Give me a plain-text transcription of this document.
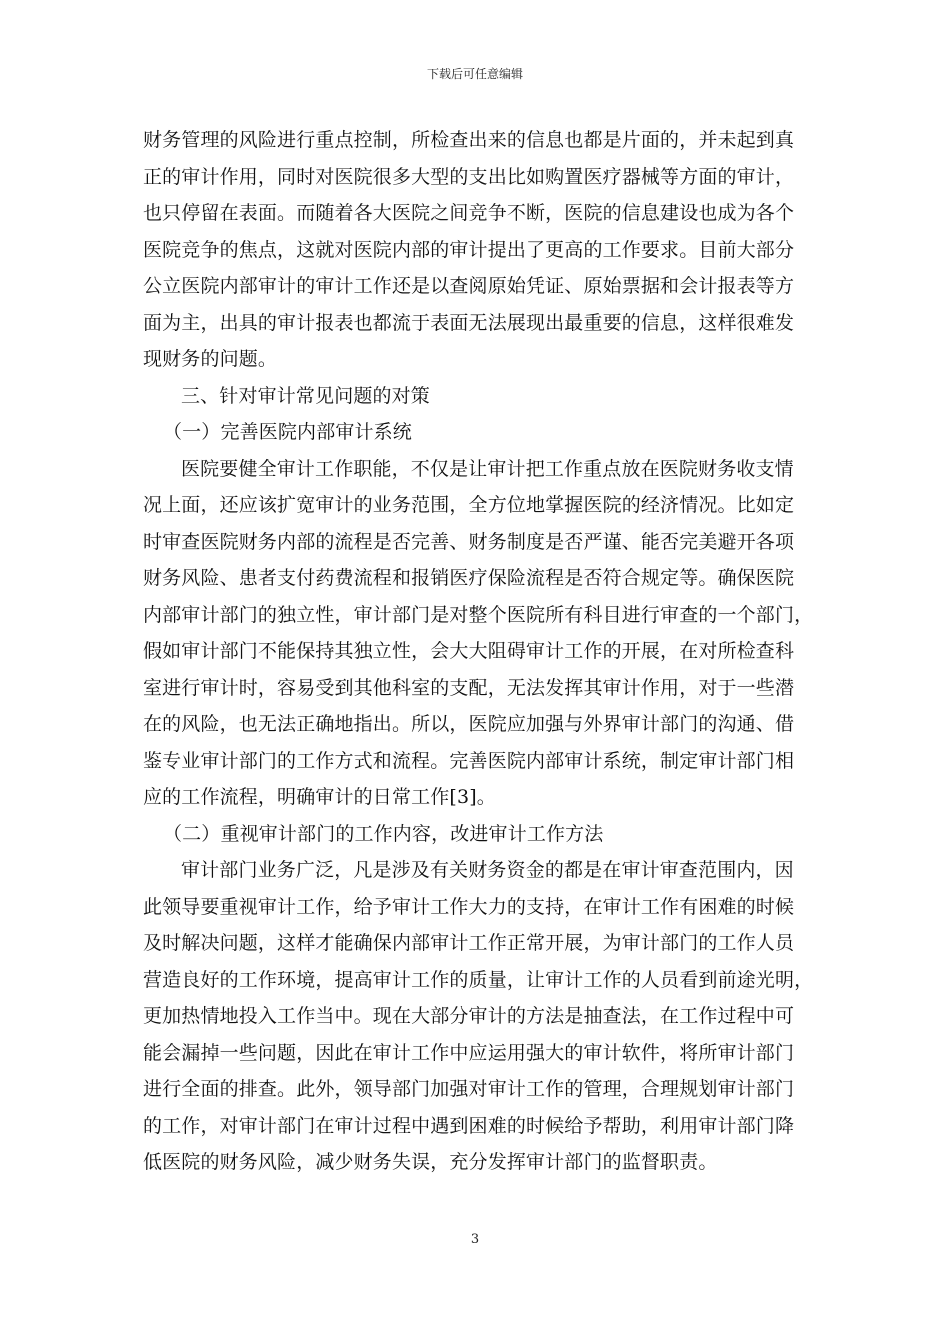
下载后可任意编辑
财务管理的风险进行重点控制，所检查出来的信息也都是片面的，并未起到真
正的审计作用，同时对医院很多大型的支出比如购置医疗器械等方面的审计，
也只停留在表面。而随着各大医院之间竞争不断，医院的信息建设也成为各个
医院竞争的焦点，这就对医院内部的审计提出了更高的工作要求。目前大部分
公立医院内部审计的审计工作还是以查阅原始凭证、原始票据和会计报表等方
面为主，出具的审计报表也都流于表面无法展现出最重要的信息，这样很难发
现财务的问题。
三、针对审计常见问题的对策
（一）完善医院内部审计系统
医院要健全审计工作职能，不仅是让审计把工作重点放在医院财务收支情
况上面，还应该扩宽审计的业务范围，全方位地掌握医院的经济情况。比如定
时审查医院财务内部的流程是否完善、财务制度是否严谨、能否完美避开各项
财务风险、患者支付药费流程和报销医疗保险流程是否符合规定等。确保医院
内部审计部门的独立性，审计部门是对整个医院所有科目进行审查的一个部门，
假如审计部门不能保持其独立性，会大大阻碍审计工作的开展，在对所检查科
室进行审计时，容易受到其他科室的支配，无法发挥其审计作用，对于一些潜
在的风险，也无法正确地指出。所以，医院应加强与外界审计部门的沟通、借
鉴专业审计部门的工作方式和流程。完善医院内部审计系统，制定审计部门相
应的工作流程，明确审计的日常工作[3]。
（二）重视审计部门的工作内容，改进审计工作方法
审计部门业务广泛，凡是涉及有关财务资金的都是在审计审查范围内，因
此领导要重视审计工作，给予审计工作大力的支持，在审计工作有困难的时候
及时解决问题，这样才能确保内部审计工作正常开展，为审计部门的工作人员
营造良好的工作环境，提高审计工作的质量，让审计工作的人员看到前途光明，
更加热情地投入工作当中。现在大部分审计的方法是抽查法，在工作过程中可
能会漏掉一些问题，因此在审计工作中应运用强大的审计软件，将所审计部门
进行全面的排查。此外，领导部门加强对审计工作的管理，合理规划审计部门
的工作，对审计部门在审计过程中遇到困难的时候给予帮助，利用审计部门降
低医院的财务风险，减少财务失误，充分发挥审计部门的监督职责。
3
